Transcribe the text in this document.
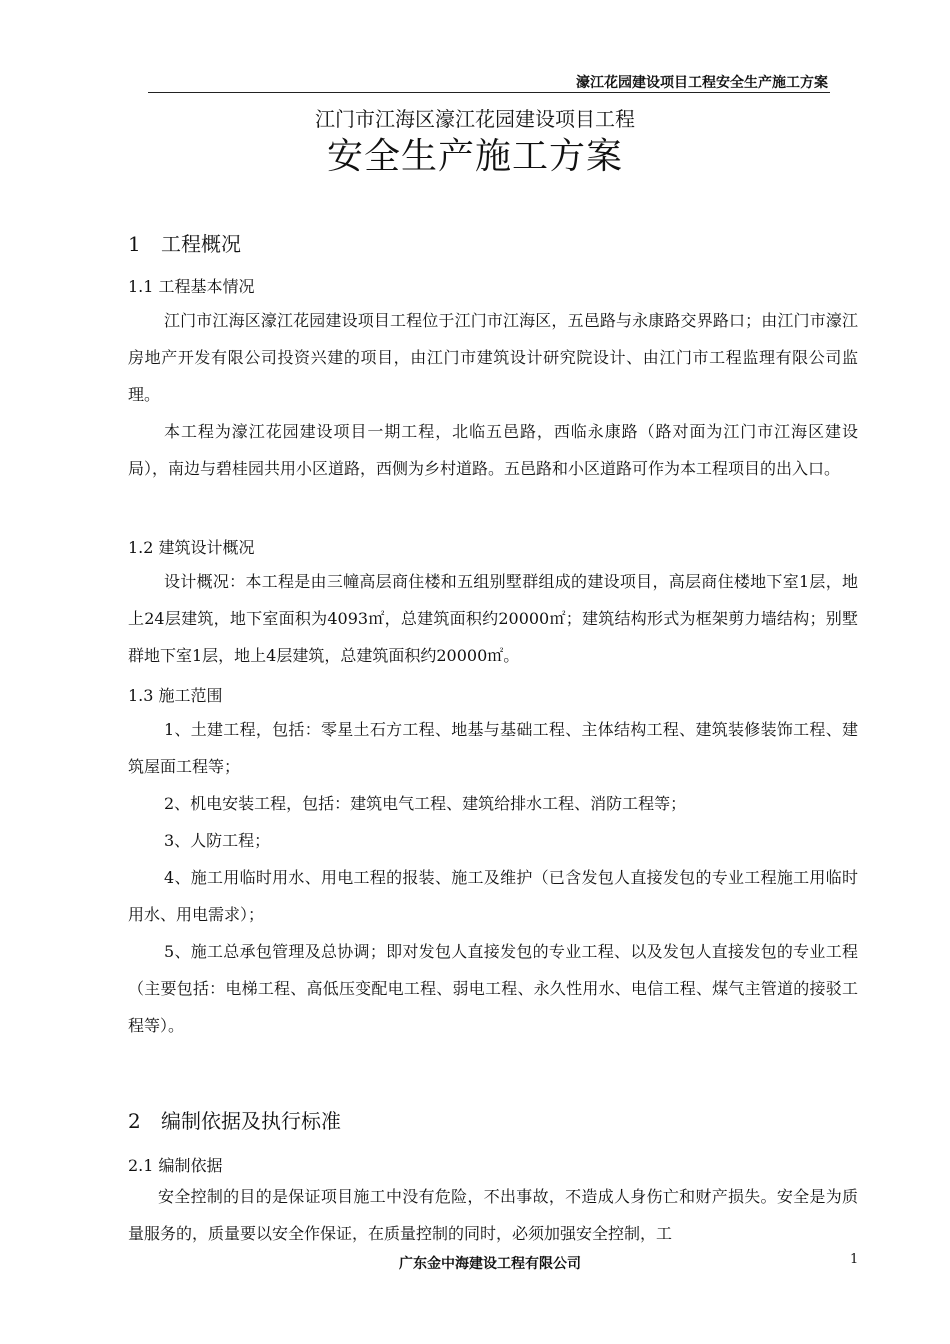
濠江花园建设项目工程安全生产施工方案
江门市江海区濠江花园建设项目工程
安全生产施工方案
1 工程概况
1.1 工程基本情况

江门市江海区濠江花园建设项目工程位于江门市江海区，五邑路与永康路交界路口；由江门市濠江房地产开发有限公司投资兴建的项目，由江门市建筑设计研究院设计、由江门市工程监理有限公司监理。

本工程为濠江花园建设项目一期工程，北临五邑路，西临永康路（路对面为江门市江海区建设局），南边与碧桂园共用小区道路，西侧为乡村道路。五邑路和小区道路可作为本工程项目的出入口。

1.2 建筑设计概况

设计概况：本工程是由三幢高层商住楼和五组别墅群组成的建设项目，高层商住楼地下室1层，地上24层建筑，地下室面积为4093㎡，总建筑面积约20000㎡；建筑结构形式为框架剪力墙结构；别墅群地下室1层，地上4层建筑，总建筑面积约20000㎡。

1.3 施工范围

1、土建工程，包括：零星土石方工程、地基与基础工程、主体结构工程、建筑装修装饰工程、建筑屋面工程等；

2、机电安装工程，包括：建筑电气工程、建筑给排水工程、消防工程等；

3、人防工程；

4、施工用临时用水、用电工程的报装、施工及维护（已含发包人直接发包的专业工程施工用临时用水、用电需求）；

5、施工总承包管理及总协调；即对发包人直接发包的专业工程、以及发包人直接发包的专业工程（主要包括：电梯工程、高低压变配电工程、弱电工程、永久性用水、电信工程、煤气主管道的接驳工程等）。

2 编制依据及执行标准
2.1 编制依据

安全控制的目的是保证项目施工中没有危险，不出事故，不造成人身伤亡和财产损失。安全是为质量服务的，质量要以安全作保证，在质量控制的同时，必须加强安全控制，工

广东金中海建设工程有限公司	1
